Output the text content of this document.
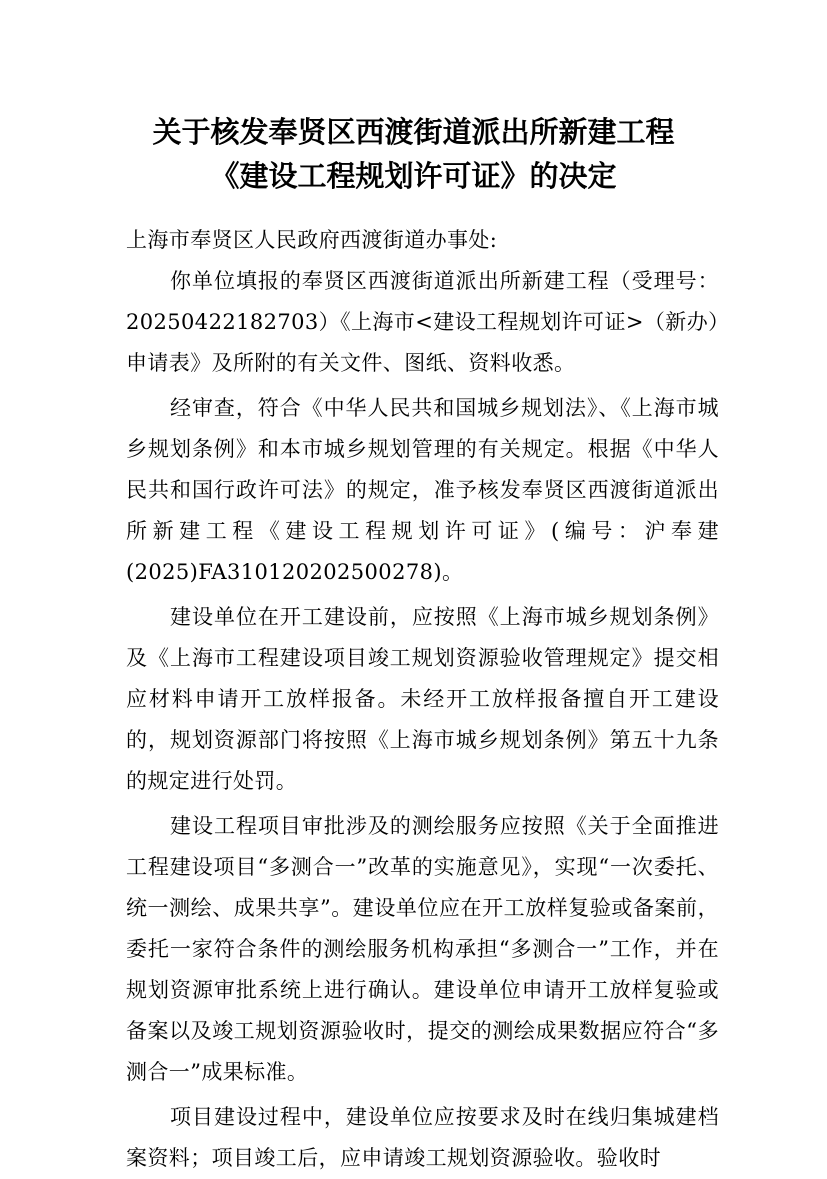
关于核发奉贤区西渡街道派出所新建工程
《建设工程规划许可证》的决定

上海市奉贤区人民政府西渡街道办事处:

你单位填报的奉贤区西渡街道派出所新建工程（受理号：20250422182703）《上海市<建设工程规划许可证>（新办）申请表》及所附的有关文件、图纸、资料收悉。

经审查，符合《中华人民共和国城乡规划法》、《上海市城乡规划条例》和本市城乡规划管理的有关规定。根据《中华人民共和国行政许可法》的规定，准予核发奉贤区西渡街道派出所新建工程《建设工程规划许可证》(编号：沪奉建(2025)FA310120202500278)。

建设单位在开工建设前，应按照《上海市城乡规划条例》及《上海市工程建设项目竣工规划资源验收管理规定》提交相应材料申请开工放样报备。未经开工放样报备擅自开工建设的，规划资源部门将按照《上海市城乡规划条例》第五十九条的规定进行处罚。

建设工程项目审批涉及的测绘服务应按照《关于全面推进工程建设项目“多测合一”改革的实施意见》，实现“一次委托、统一测绘、成果共享”。建设单位应在开工放样复验或备案前，委托一家符合条件的测绘服务机构承担“多测合一”工作，并在规划资源审批系统上进行确认。建设单位申请开工放样复验或备案以及竣工规划资源验收时，提交的测绘成果数据应符合“多测合一”成果标准。

项目建设过程中，建设单位应按要求及时在线归集城建档案资料；项目竣工后，应申请竣工规划资源验收。验收时
